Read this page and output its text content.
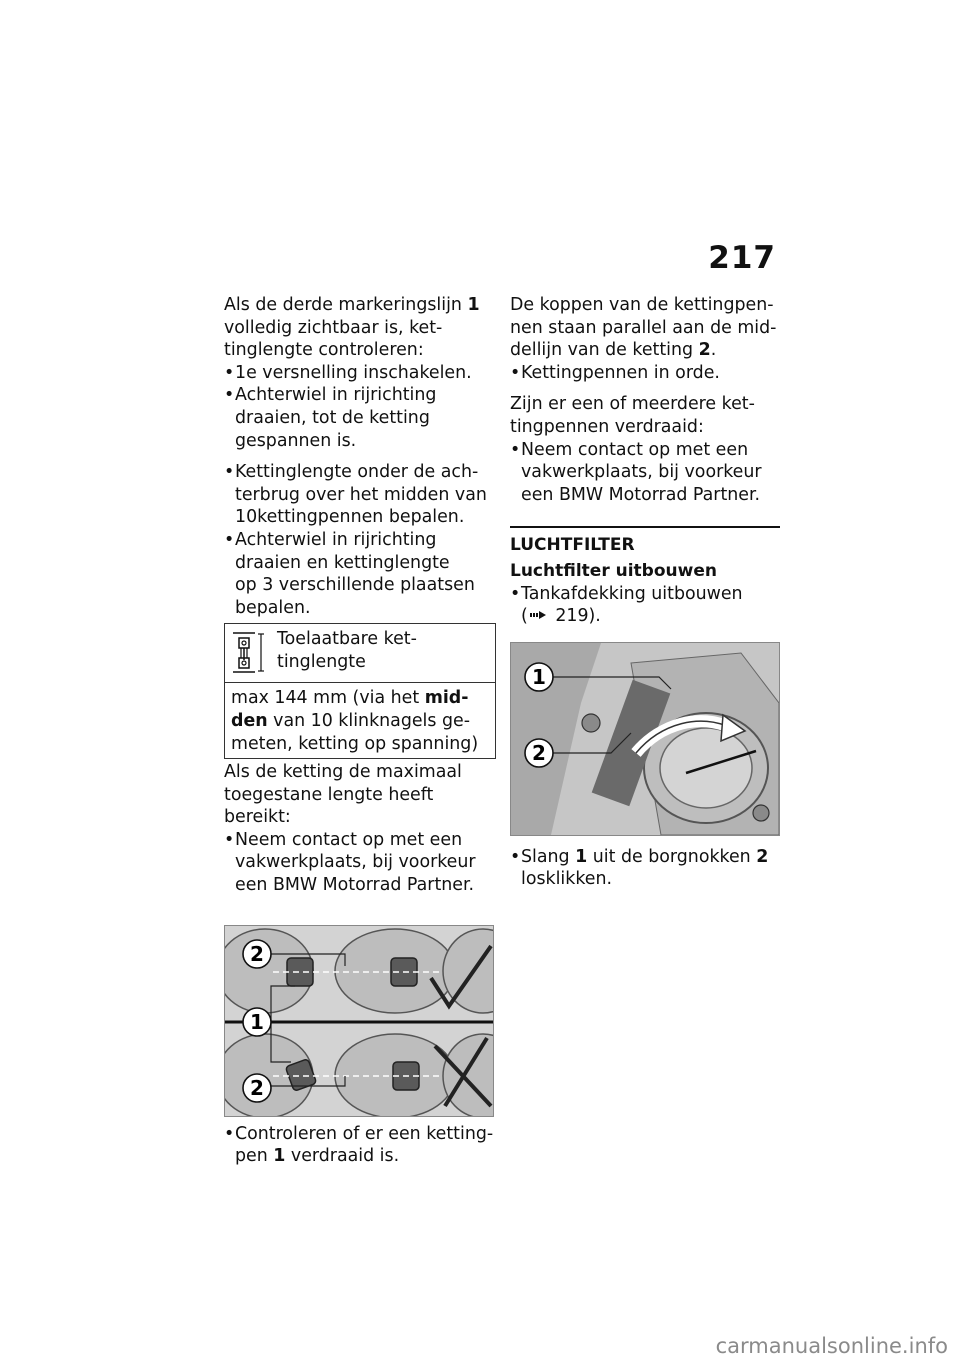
217

Als de derde markeringslijn 1
volledig zichtbaar is, ket-
tinglengte controleren:

• 1e versnelling inschakelen.

• Achterwiel in rijrichting
draaien, tot de ketting
gespannen is.

• Kettinglengte onder de ach-
terbrug over het midden van
10kettingpennen bepalen.

• Achterwiel in rijrichting
draaien en kettinglengte
op 3 verschillende plaatsen
bepalen.

Toelaatbare ket-
tinglengte
max 144 mm (via het mid-
den van 10 klinknagels ge-
meten, ketting op spanning)

Als de ketting de maximaal
toegestane lengte heeft bereikt:

• Neem contact op met een
vakwerkplaats, bij voorkeur
een BMW Motorrad Partner.

2
1
2

• Controleren of er een ketting-
pen 1 verdraaid is.

De koppen van de kettingpen-
nen staan parallel aan de mid-
dellijn van de ketting 2.

• Kettingpennen in orde.

Zijn er een of meerdere ket-
tingpennen verdraaid:

• Neem contact op met een
vakwerkplaats, bij voorkeur
een BMW Motorrad Partner.

LUCHTFILTER

Luchtfilter uitbouwen

• Tankafdekking uitbouwen
( 219).

1
2

• Slang 1 uit de borgnokken 2
losklikken.

carmanualsonline.info
